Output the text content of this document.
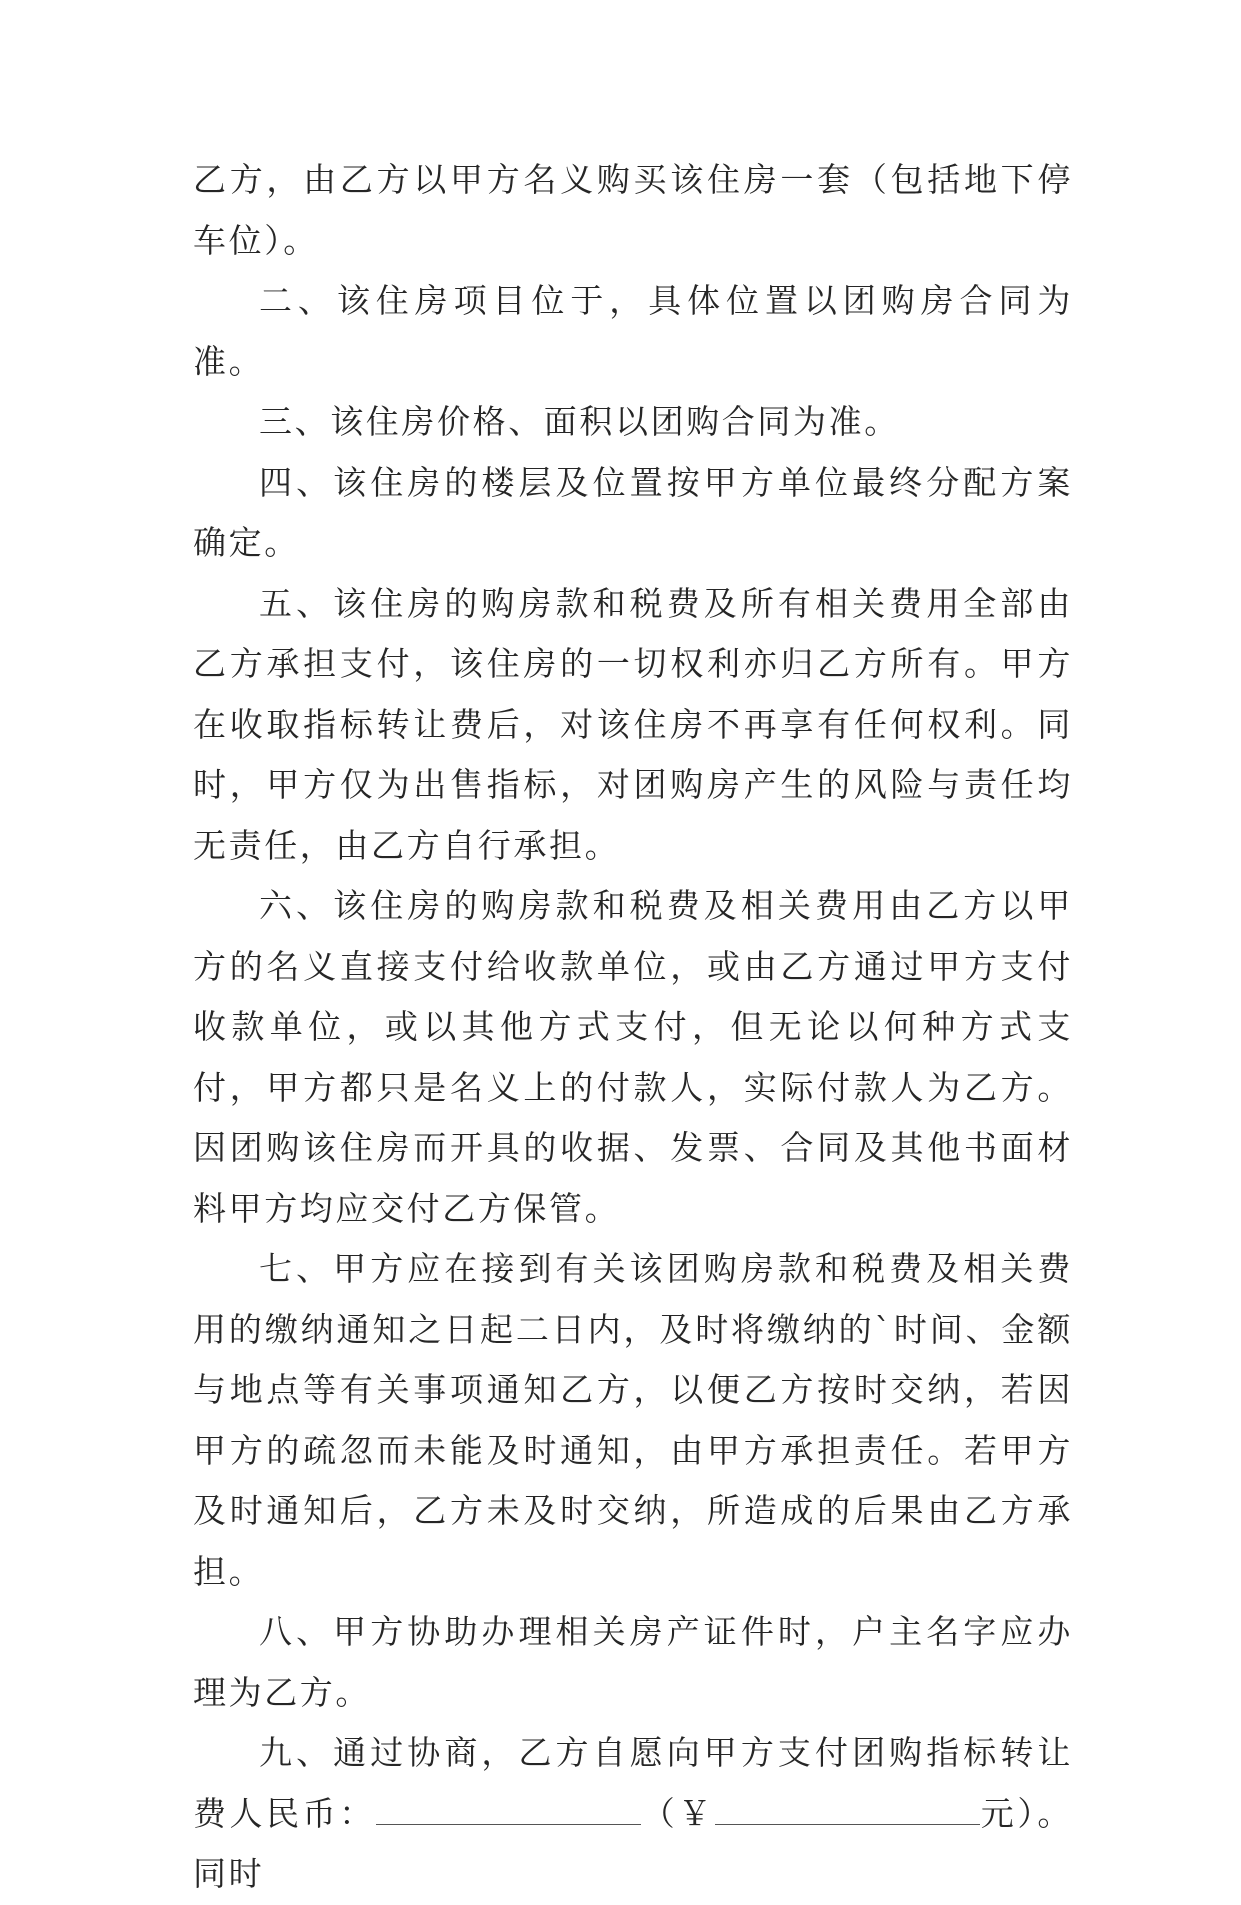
乙方，由乙方以甲方名义购买该住房一套（包括地下停车位）。

二、该住房项目位于，具体位置以团购房合同为准。

三、该住房价格、面积以团购合同为准。

四、该住房的楼层及位置按甲方单位最终分配方案确定。

五、该住房的购房款和税费及所有相关费用全部由乙方承担支付，该住房的一切权利亦归乙方所有。甲方在收取指标转让费后，对该住房不再享有任何权利。同时，甲方仅为出售指标，对团购房产生的风险与责任均无责任，由乙方自行承担。

六、该住房的购房款和税费及相关费用由乙方以甲方的名义直接支付给收款单位，或由乙方通过甲方支付收款单位，或以其他方式支付，但无论以何种方式支付，甲方都只是名义上的付款人，实际付款人为乙方。因团购该住房而开具的收据、发票、合同及其他书面材料甲方均应交付乙方保管。

七、甲方应在接到有关该团购房款和税费及相关费用的缴纳通知之日起二日内，及时将缴纳的`时间、金额与地点等有关事项通知乙方，以便乙方按时交纳，若因甲方的疏忽而未能及时通知，由甲方承担责任。若甲方及时通知后，乙方未及时交纳，所造成的后果由乙方承担。

八、甲方协助办理相关房产证件时，户主名字应办理为乙方。

九、通过协商，乙方自愿向甲方支付团购指标转让费人民币：	（￥	元）。同时
